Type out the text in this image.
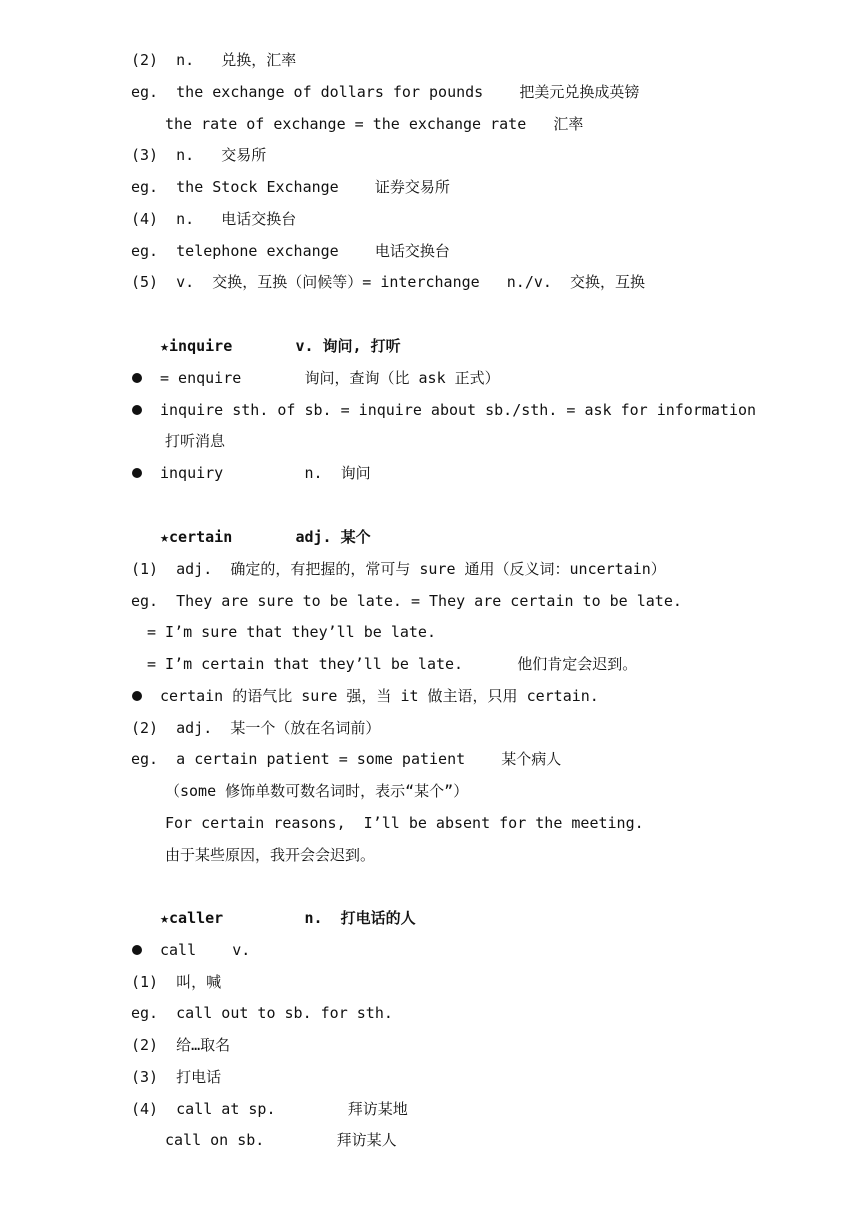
(2)  n.   兑换，汇率
eg.  the exchange of dollars for pounds    把美元兑换成英镑
the rate of exchange = the exchange rate   汇率
(3)  n.   交易所
eg.  the Stock Exchange    证券交易所
(4)  n.   电话交换台
eg.  telephone exchange    电话交换台
(5)  v.  交换，互换（问候等）= interchange   n./v.  交换，互换
★inquire       v. 询问, 打听
= enquire       询问，查询（比 ask 正式）
inquire sth. of sb. = inquire about sb./sth. = ask for information
打听消息
inquiry         n.  询问
★certain       adj. 某个
(1)  adj.  确定的，有把握的，常可与 sure 通用（反义词：uncertain）
eg.  They are sure to be late. = They are certain to be late.
= I’m sure that they’ll be late.
= I’m certain that they’ll be late.      他们肯定会迟到。
certain 的语气比 sure 强，当 it 做主语，只用 certain.
(2)  adj.  某一个（放在名词前）
eg.  a certain patient = some patient    某个病人
（some 修饰单数可数名词时，表示“某个”）
For certain reasons,  I’ll be absent for the meeting.
由于某些原因，我开会会迟到。
★caller         n.  打电话的人
call    v.
(1)  叫，喊
eg.  call out to sb. for sth.
(2)  给…取名
(3)  打电话
(4)  call at sp.        拜访某地
call on sb.        拜访某人
